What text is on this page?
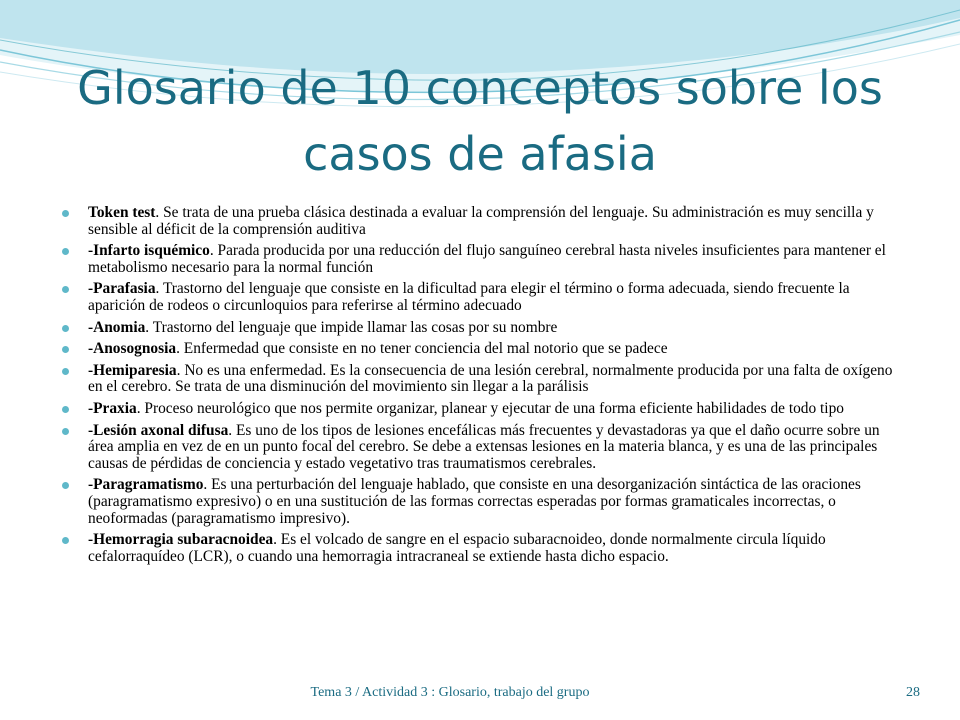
Glosario de 10 conceptos sobre los casos de afasia
Token test. Se trata de una prueba clásica destinada a evaluar la comprensión del lenguaje. Su administración es muy sencilla y sensible al déficit de la comprensión auditiva
-Infarto isquémico. Parada producida por una reducción del flujo sanguíneo cerebral hasta niveles insuficientes para mantener el metabolismo necesario para la normal función
-Parafasia. Trastorno del lenguaje que consiste en la dificultad para elegir el término o forma adecuada, siendo frecuente la aparición de rodeos o circunloquios para referirse al término adecuado
-Anomia. Trastorno del lenguaje que impide llamar las cosas por su nombre
-Anosognosia. Enfermedad que consiste en no tener conciencia del mal notorio que se padece
-Hemiparesia. No es una enfermedad. Es la consecuencia de una lesión cerebral, normalmente producida por una falta de oxígeno en el cerebro. Se trata de una disminución del movimiento sin llegar a la parálisis
-Praxia. Proceso neurológico que nos permite organizar, planear y ejecutar de una forma eficiente habilidades de todo tipo
-Lesión axonal difusa. Es uno de los tipos de lesiones encefálicas más frecuentes y devastadoras ya que el daño ocurre sobre un área amplia en vez de en un punto focal del cerebro. Se debe a extensas lesiones en la materia blanca, y es una de las principales causas de pérdidas de conciencia y estado vegetativo tras traumatismos cerebrales.
-Paragramatismo. Es una perturbación del lenguaje hablado, que consiste en una desorganización sintáctica de las oraciones (paragramatismo expresivo) o en una sustitución de las formas correctas esperadas por formas gramaticales incorrectas, o neoformadas (paragramatismo impresivo).
-Hemorragia subaracnoidea. Es el volcado de sangre en el espacio subaracnoideo, donde normalmente circula líquido cefalorraquídeo (LCR), o cuando una hemorragia intracraneal se extiende hasta dicho espacio.
Tema 3 / Actividad 3 : Glosario, trabajo del grupo	28
